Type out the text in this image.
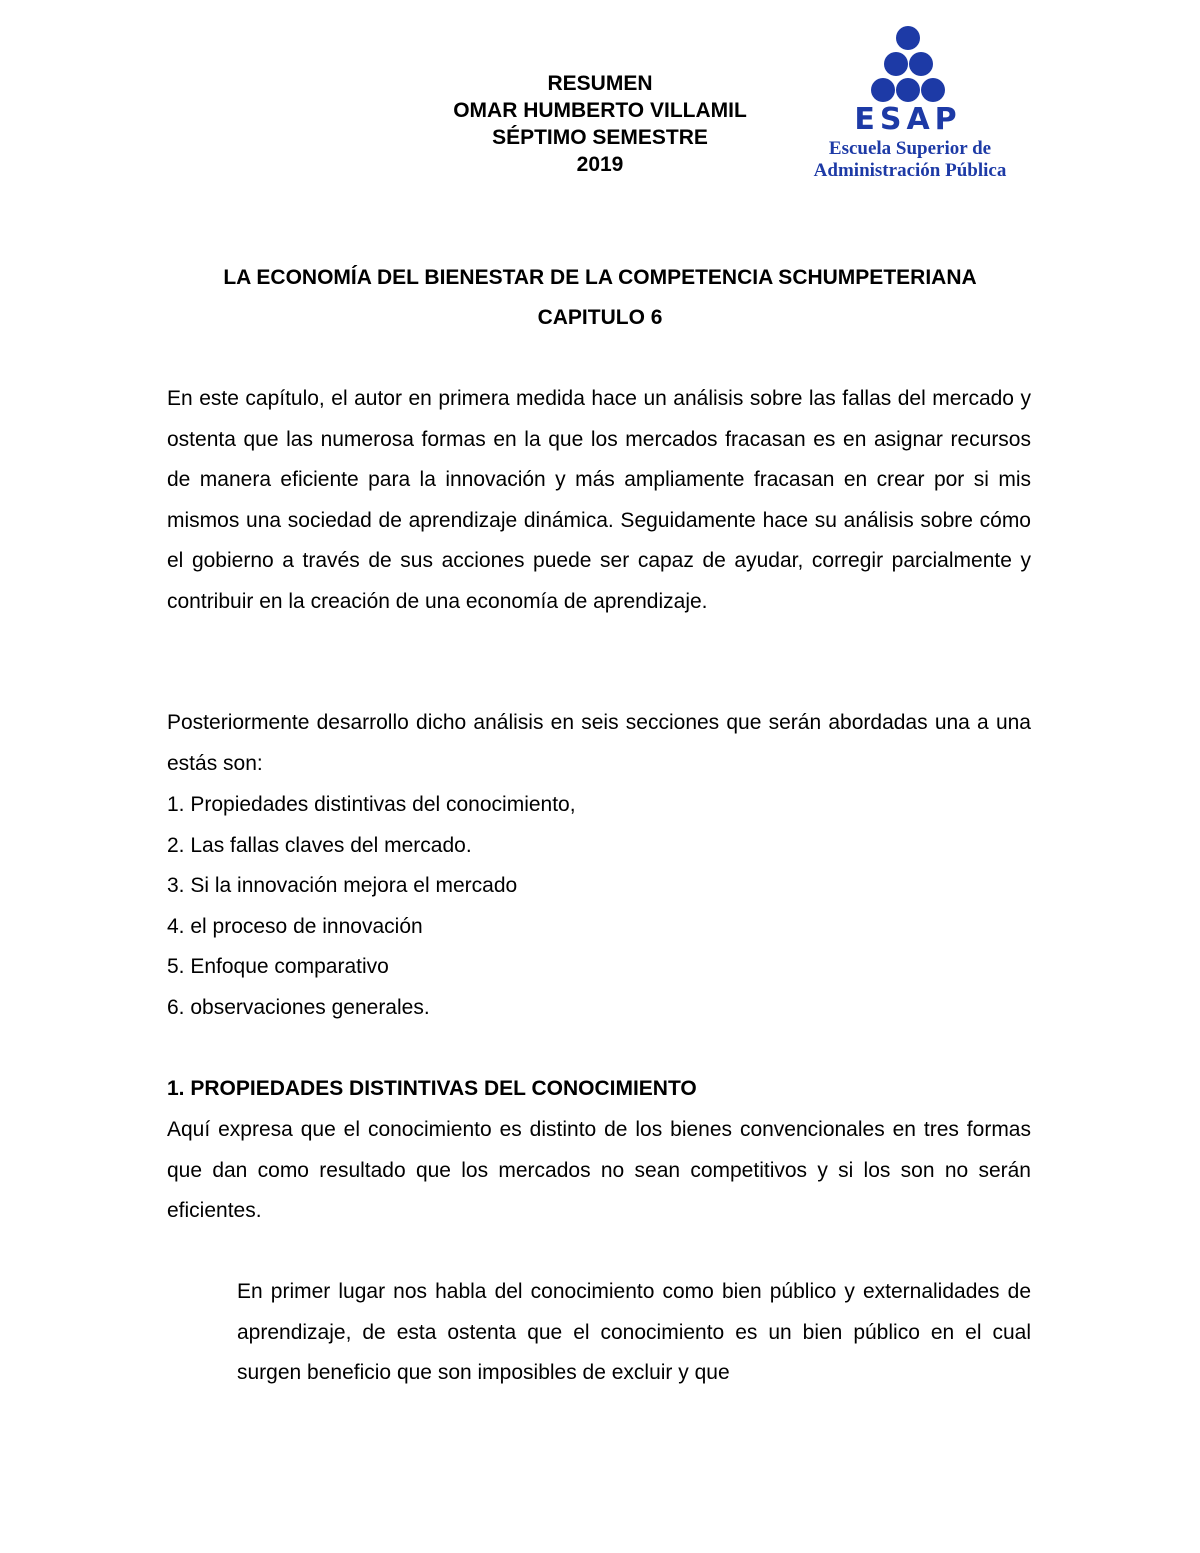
RESUMEN
OMAR HUMBERTO VILLAMIL
SÉPTIMO SEMESTRE
2019
ESAP
Escuela Superior de
Administración Pública
LA ECONOMÍA DEL BIENESTAR DE LA COMPETENCIA SCHUMPETERIANA
CAPITULO 6

En este capítulo, el autor en primera medida hace un análisis sobre las fallas del mercado y ostenta que las numerosa formas en la que los mercados fracasan es en asignar recursos de manera eficiente para la innovación y más ampliamente fracasan en crear por si mis mismos una sociedad de aprendizaje dinámica. Seguidamente hace su análisis sobre cómo el gobierno a través de sus acciones puede ser capaz de ayudar, corregir parcialmente y contribuir en la creación de una economía de aprendizaje.

Posteriormente desarrollo dicho análisis en seis secciones que serán abordadas una a una estás son:

1. Propiedades distintivas del conocimiento,
2. Las fallas claves del mercado.
3. Si la innovación mejora el mercado
4. el proceso de innovación
5. Enfoque comparativo
6. observaciones generales.
1. PROPIEDADES DISTINTIVAS DEL CONOCIMIENTO

Aquí expresa que el conocimiento es distinto de los bienes convencionales en tres formas que dan como resultado que los mercados no sean competitivos y si los son no serán eficientes.

En primer lugar nos habla del conocimiento como bien público y externalidades de aprendizaje, de esta ostenta que el conocimiento es un bien público en el cual surgen beneficio que son imposibles de excluir y que
